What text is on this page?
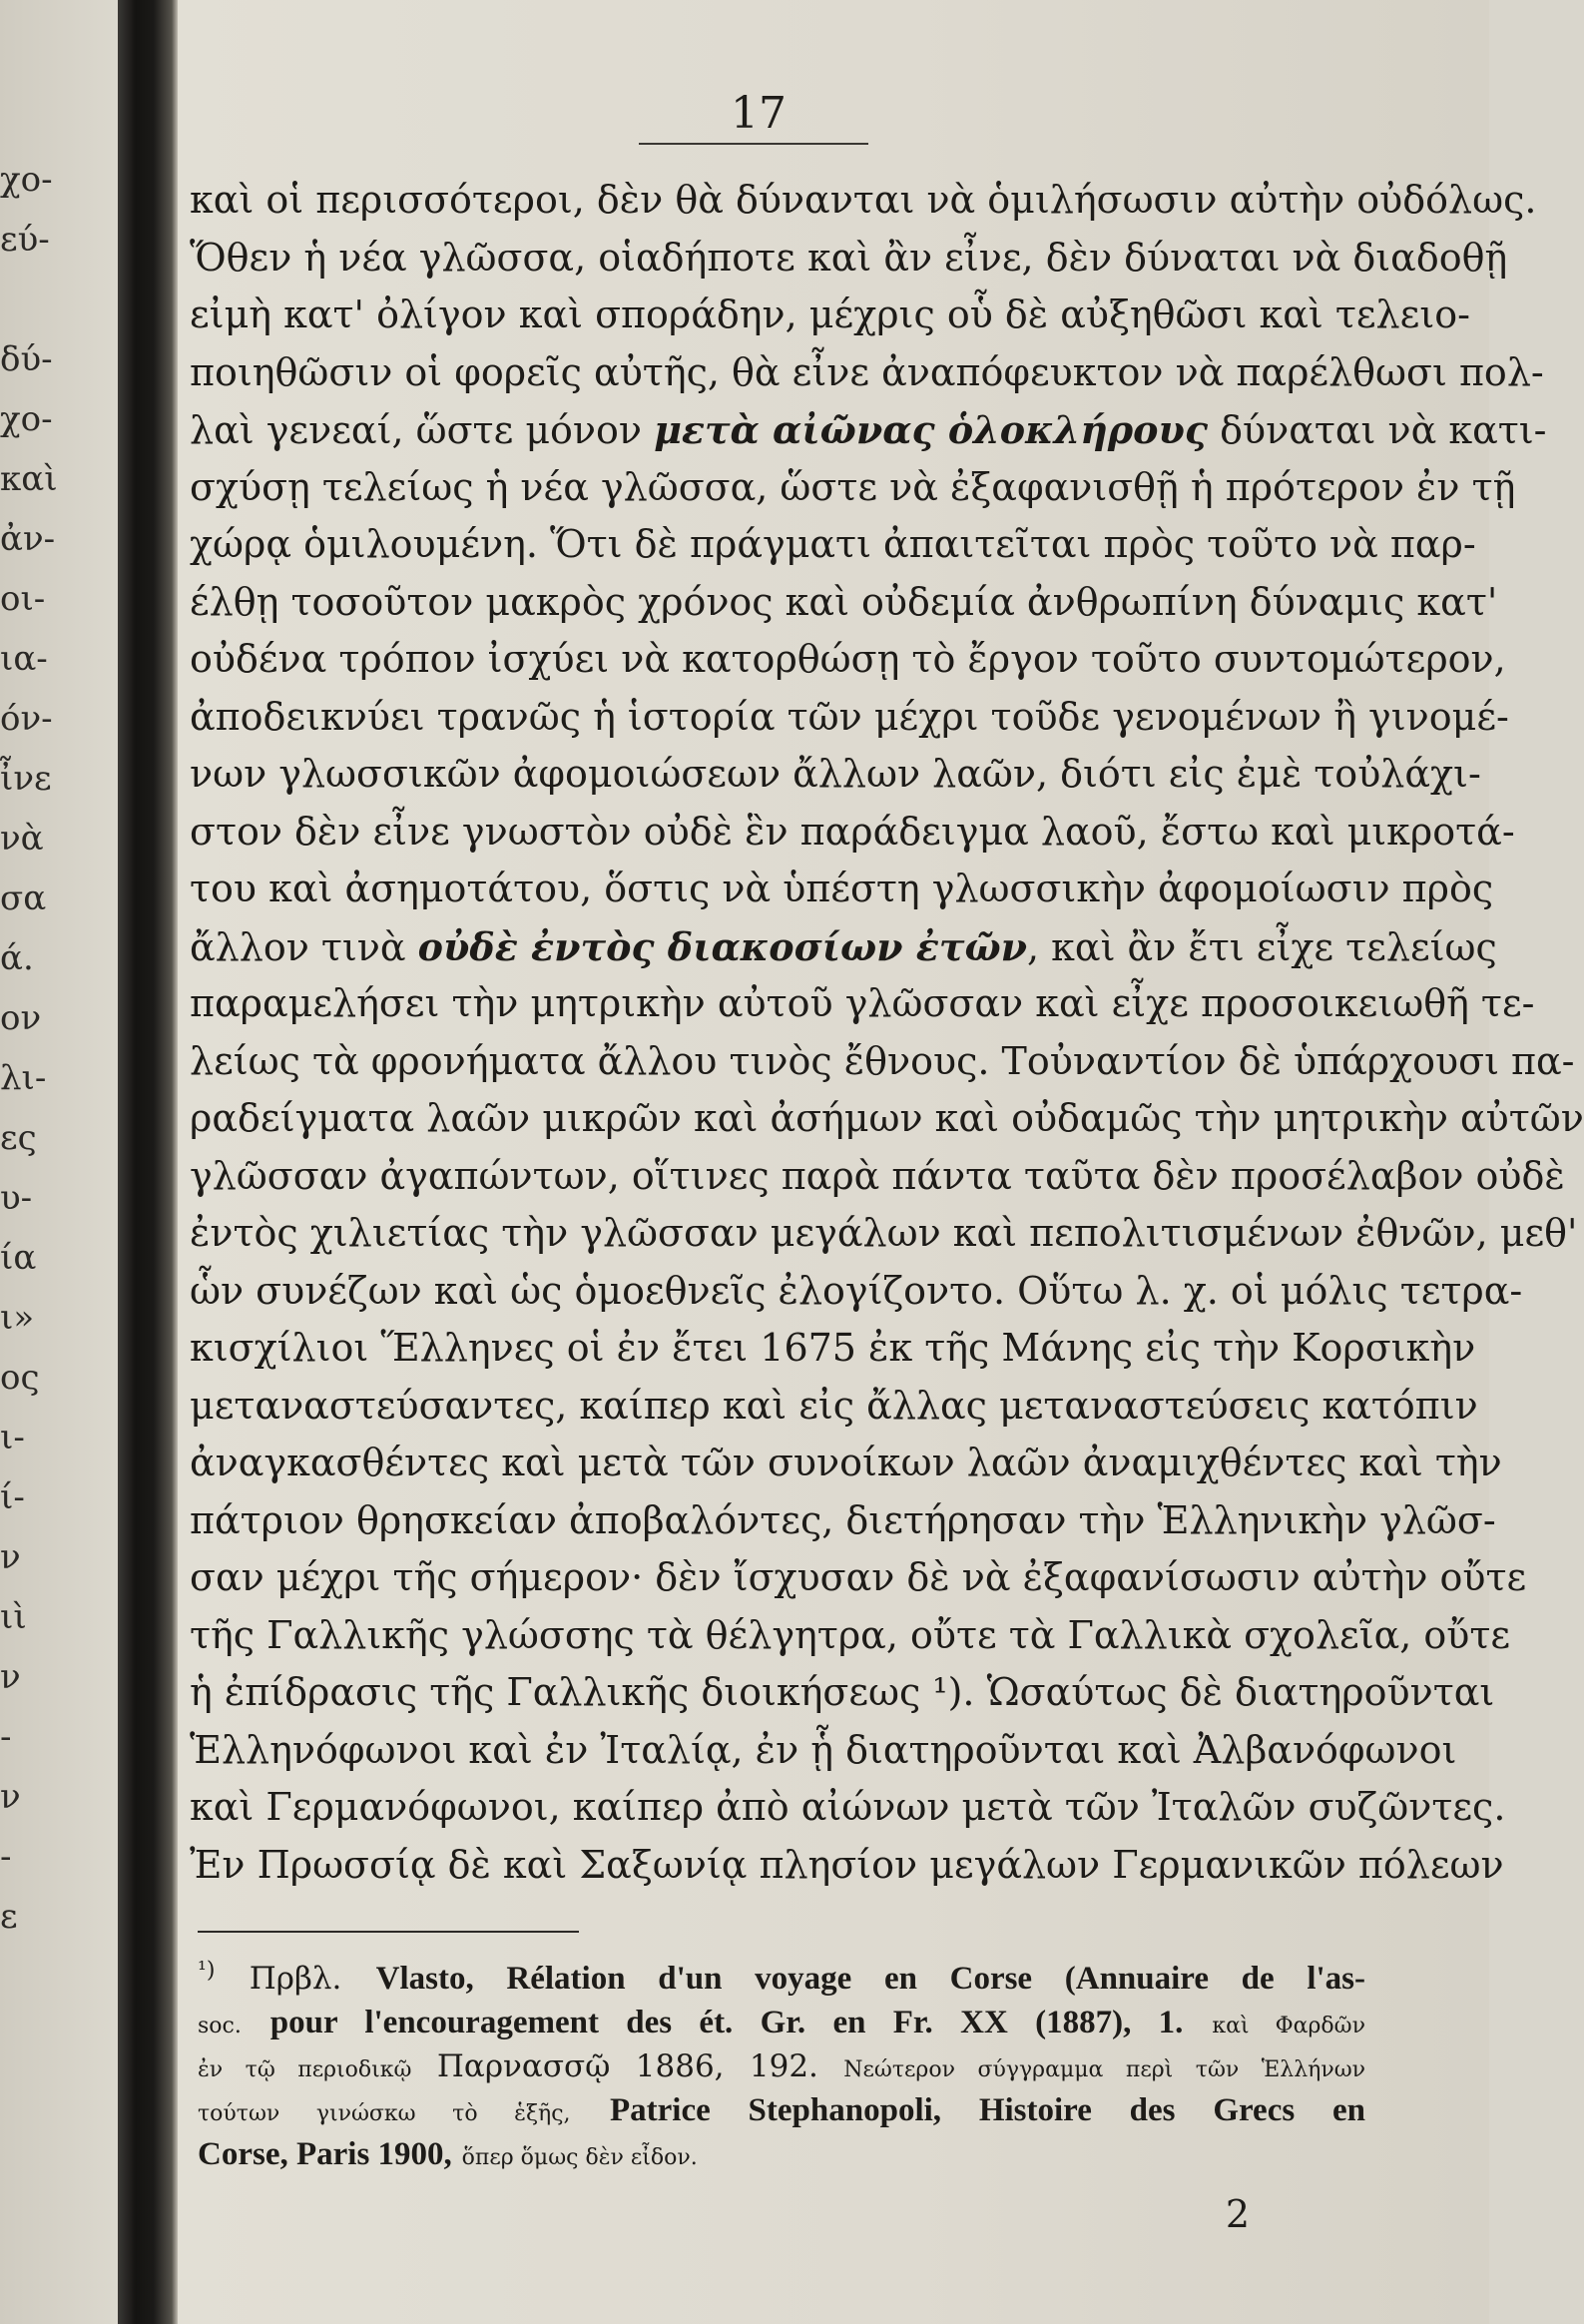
χο-
εύ-
δύ-
χο-
καὶ
ἀν-
οι-
ια-
όν-
ἶνε
νὰ
σα
ά.
ον
λι-
ες
υ-
ία
ι»
ος
ι-
ί-
ν
ιὶ
ν
-
ν
-
ε
17
καὶ οἱ περισσότεροι, δὲν θὰ δύνανται νὰ ὁμιλήσωσιν αὐτὴν οὐδόλως.
Ὅθεν ἡ νέα γλῶσσα, οἱαδήποτε καὶ ἂν εἶνε, δὲν δύναται νὰ διαδοθῇ
εἰμὴ κατ' ὀλίγον καὶ σποράδην, μέχρις οὗ δὲ αὐξηθῶσι καὶ τελειο-
ποιηθῶσιν οἱ φορεῖς αὐτῆς, θὰ εἶνε ἀναπόφευκτον νὰ παρέλθωσι πολ-
λαὶ γενεαί, ὥστε μόνον μετὰ αἰῶνας ὁλοκλήρους δύναται νὰ κατι-
σχύσῃ τελείως ἡ νέα γλῶσσα, ὥστε νὰ ἐξαφανισθῇ ἡ πρότερον ἐν τῇ
χώρᾳ ὁμιλουμένη. Ὅτι δὲ πράγματι ἀπαιτεῖται πρὸς τοῦτο νὰ παρ-
έλθῃ τοσοῦτον μακρὸς χρόνος καὶ οὐδεμία ἀνθρωπίνη δύναμις κατ'
οὐδένα τρόπον ἰσχύει νὰ κατορθώσῃ τὸ ἔργον τοῦτο συντομώτερον,
ἀποδεικνύει τρανῶς ἡ ἱστορία τῶν μέχρι τοῦδε γενομένων ἢ γινομέ-
νων γλωσσικῶν ἀφομοιώσεων ἄλλων λαῶν, διότι εἰς ἐμὲ τοὐλάχι-
στον δὲν εἶνε γνωστὸν οὐδὲ ἓν παράδειγμα λαοῦ, ἔστω καὶ μικροτά-
του καὶ ἀσημοτάτου, ὅστις νὰ ὑπέστη γλωσσικὴν ἀφομοίωσιν πρὸς
ἄλλον τινὰ οὐδὲ ἐντὸς διακοσίων ἐτῶν, καὶ ἂν ἔτι εἶχε τελείως
παραμελήσει τὴν μητρικὴν αὐτοῦ γλῶσσαν καὶ εἶχε προσοικειωθῆ τε-
λείως τὰ φρονήματα ἄλλου τινὸς ἔθνους. Τοὐναντίον δὲ ὑπάρχουσι πα-
ραδείγματα λαῶν μικρῶν καὶ ἀσήμων καὶ οὐδαμῶς τὴν μητρικὴν αὐτῶν
γλῶσσαν ἀγαπώντων, οἵτινες παρὰ πάντα ταῦτα δὲν προσέλαβον οὐδὲ
ἐντὸς χιλιετίας τὴν γλῶσσαν μεγάλων καὶ πεπολιτισμένων ἐθνῶν, μεθ'
ὧν συνέζων καὶ ὡς ὁμοεθνεῖς ἐλογίζοντο. Οὕτω λ. χ. οἱ μόλις τετρα-
κισχίλιοι Ἕλληνες οἱ ἐν ἔτει 1675 ἐκ τῆς Μάνης εἰς τὴν Κορσικὴν
μεταναστεύσαντες, καίπερ καὶ εἰς ἄλλας μεταναστεύσεις κατόπιν
ἀναγκασθέντες καὶ μετὰ τῶν συνοίκων λαῶν ἀναμιχθέντες καὶ τὴν
πάτριον θρησκείαν ἀποβαλόντες, διετήρησαν τὴν Ἑλληνικὴν γλῶσ-
σαν μέχρι τῆς σήμερον· δὲν ἴσχυσαν δὲ νὰ ἐξαφανίσωσιν αὐτὴν οὔτε
τῆς Γαλλικῆς γλώσσης τὰ θέλγητρα, οὔτε τὰ Γαλλικὰ σχολεῖα, οὔτε
ἡ ἐπίδρασις τῆς Γαλλικῆς διοικήσεως ¹). Ὡσαύτως δὲ διατηροῦνται
Ἑλληνόφωνοι καὶ ἐν Ἰταλίᾳ, ἐν ᾗ διατηροῦνται καὶ Ἀλβανόφωνοι
καὶ Γερμανόφωνοι, καίπερ ἀπὸ αἰώνων μετὰ τῶν Ἰταλῶν συζῶντες.
Ἐν Πρωσσίᾳ δὲ καὶ Σαξωνίᾳ πλησίον μεγάλων Γερμανικῶν πόλεων
$^{^1)}$ Πρβλ. Vlasto, Rélation d'un voyage en Corse (Annuaire de l'as-
soc. pour l'encouragement des ét. Gr. en Fr. XX (1887), 1. καὶ Φαρδῶν
ἐν τῷ περιοδικῷ Παρνασσῷ 1886, 192. Νεώτερον σύγγραμμα περὶ τῶν Ἑλλήνων
τούτων γινώσκω τὸ ἑξῆς, Patrice Stephanopoli, Histoire des Grecs en
Corse, Paris 1900, ὅπερ ὅμως δὲν εἶδον.
2
